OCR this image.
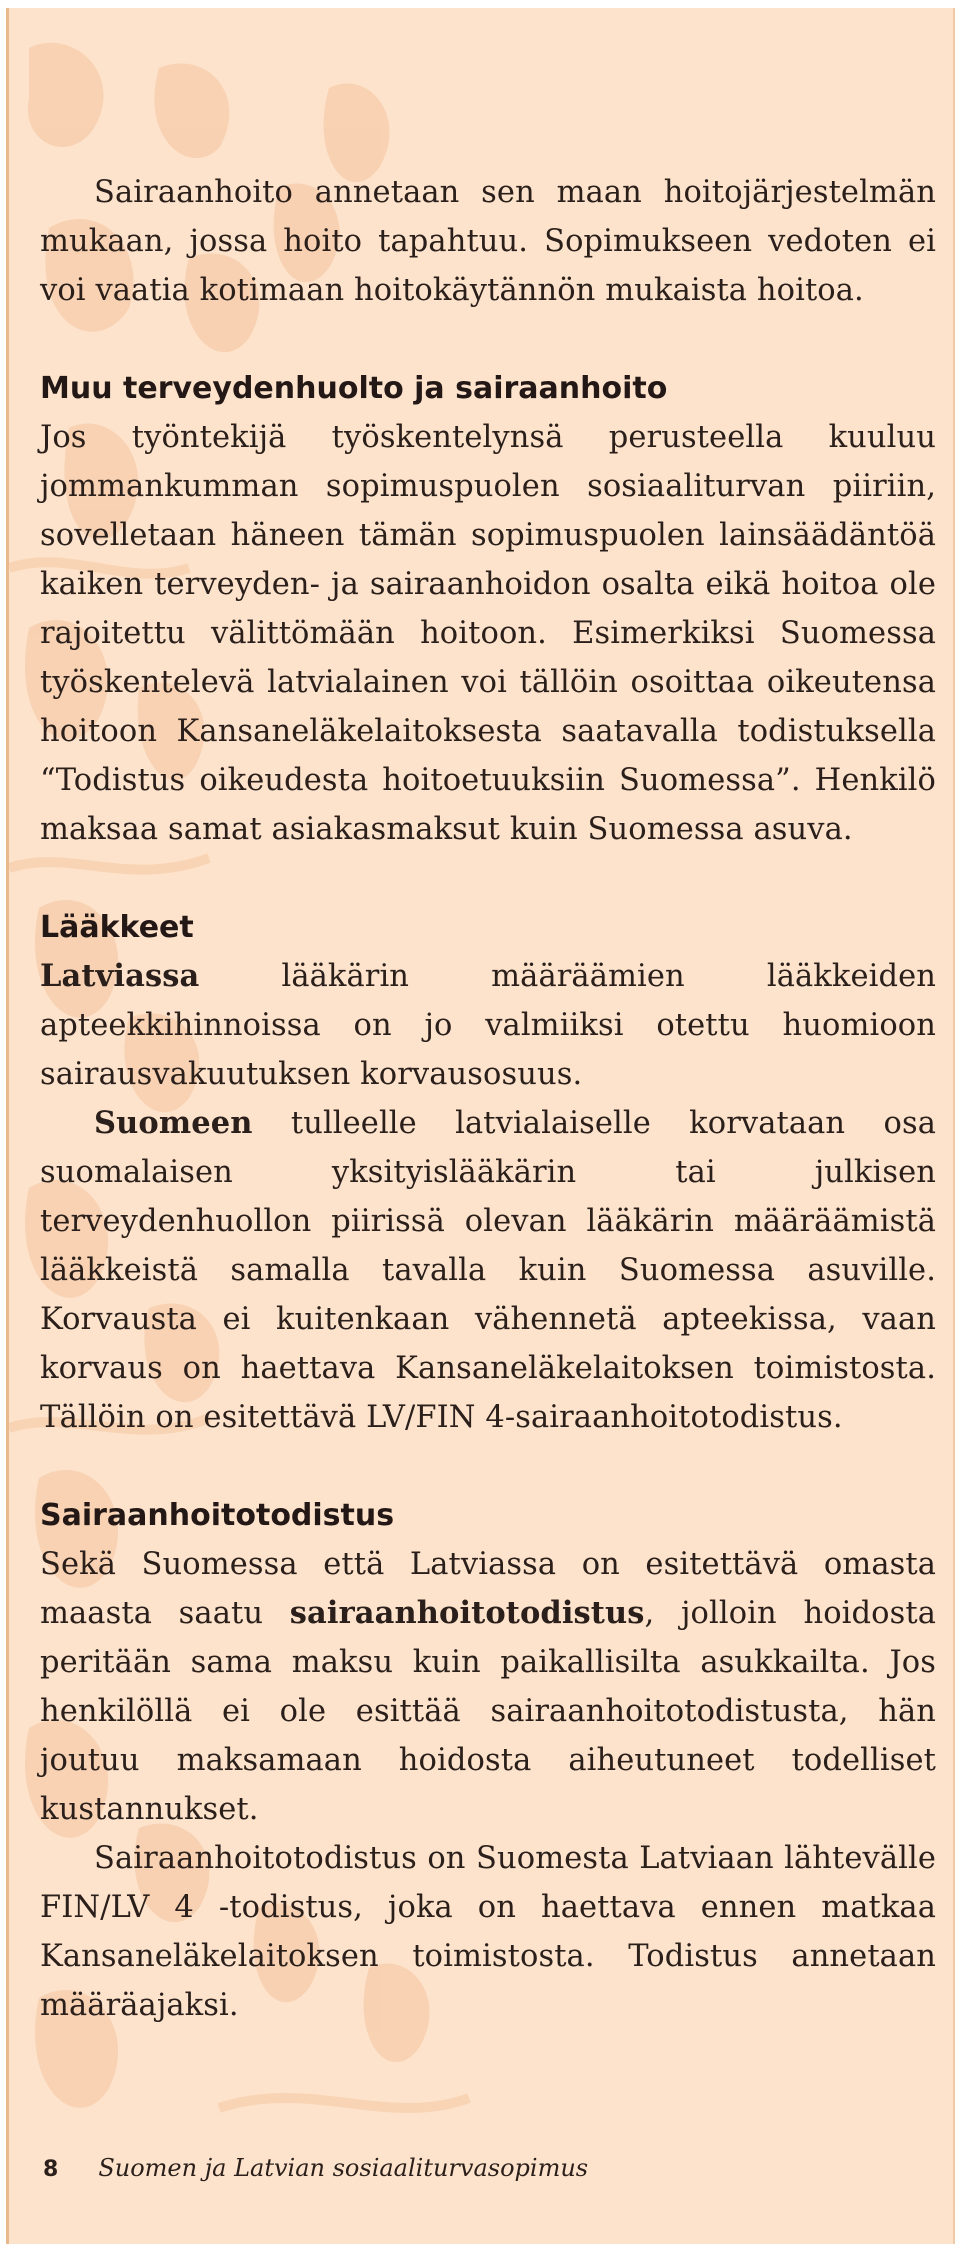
Sairaanhoito annetaan sen maan hoitojärjestelmän mukaan, jossa hoito tapahtuu. Sopimukseen vedoten ei voi vaatia kotimaan hoitokäytännön mukaista hoitoa.

Muu terveydenhuolto ja sairaanhoito

Jos työntekijä työskentelynsä perusteella kuuluu jommankumman sopimuspuolen sosiaaliturvan piiriin, sovelletaan häneen tämän sopimuspuolen lainsäädäntöä kaiken terveyden- ja sairaanhoidon osalta eikä hoitoa ole rajoitettu välittömään hoitoon. Esimerkiksi Suomessa työskentelevä latvialainen voi tällöin osoittaa oikeutensa hoitoon Kansaneläkelaitoksesta saatavalla todistuksella “Todistus oikeudesta hoitoetuuksiin Suomessa”. Henkilö maksaa samat asiakasmaksut kuin Suomessa asuva.

Lääkkeet

Latviassa lääkärin määräämien lääkkeiden apteekkihinnoissa on jo valmiiksi otettu huomioon sairausvakuutuksen korvausosuus.

Suomeen tulleelle latvialaiselle korvataan osa suomalaisen yksityislääkärin tai julkisen terveydenhuollon piirissä olevan lääkärin määräämistä lääkkeistä samalla tavalla kuin Suomessa asuville. Korvausta ei kuitenkaan vähennetä apteekissa, vaan korvaus on haettava Kansaneläkelaitoksen toimistosta. Tällöin on esitettävä LV/FIN 4-sairaanhoitotodistus.

Sairaanhoitotodistus

Sekä Suomessa että Latviassa on esitettävä omasta maasta saatu sairaanhoitotodistus, jolloin hoidosta peritään sama maksu kuin paikallisilta asukkailta. Jos henkilöllä ei ole esittää sairaanhoitotodistusta, hän joutuu maksamaan hoidosta aiheutuneet todelliset kustannukset.

Sairaanhoitotodistus on Suomesta Latviaan lähtevälle FIN/LV 4 -todistus, joka on haettava ennen matkaa Kansaneläkelaitoksen toimistosta. Todistus annetaan määräajaksi.

8 Suomen ja Latvian sosiaaliturvasopimus
